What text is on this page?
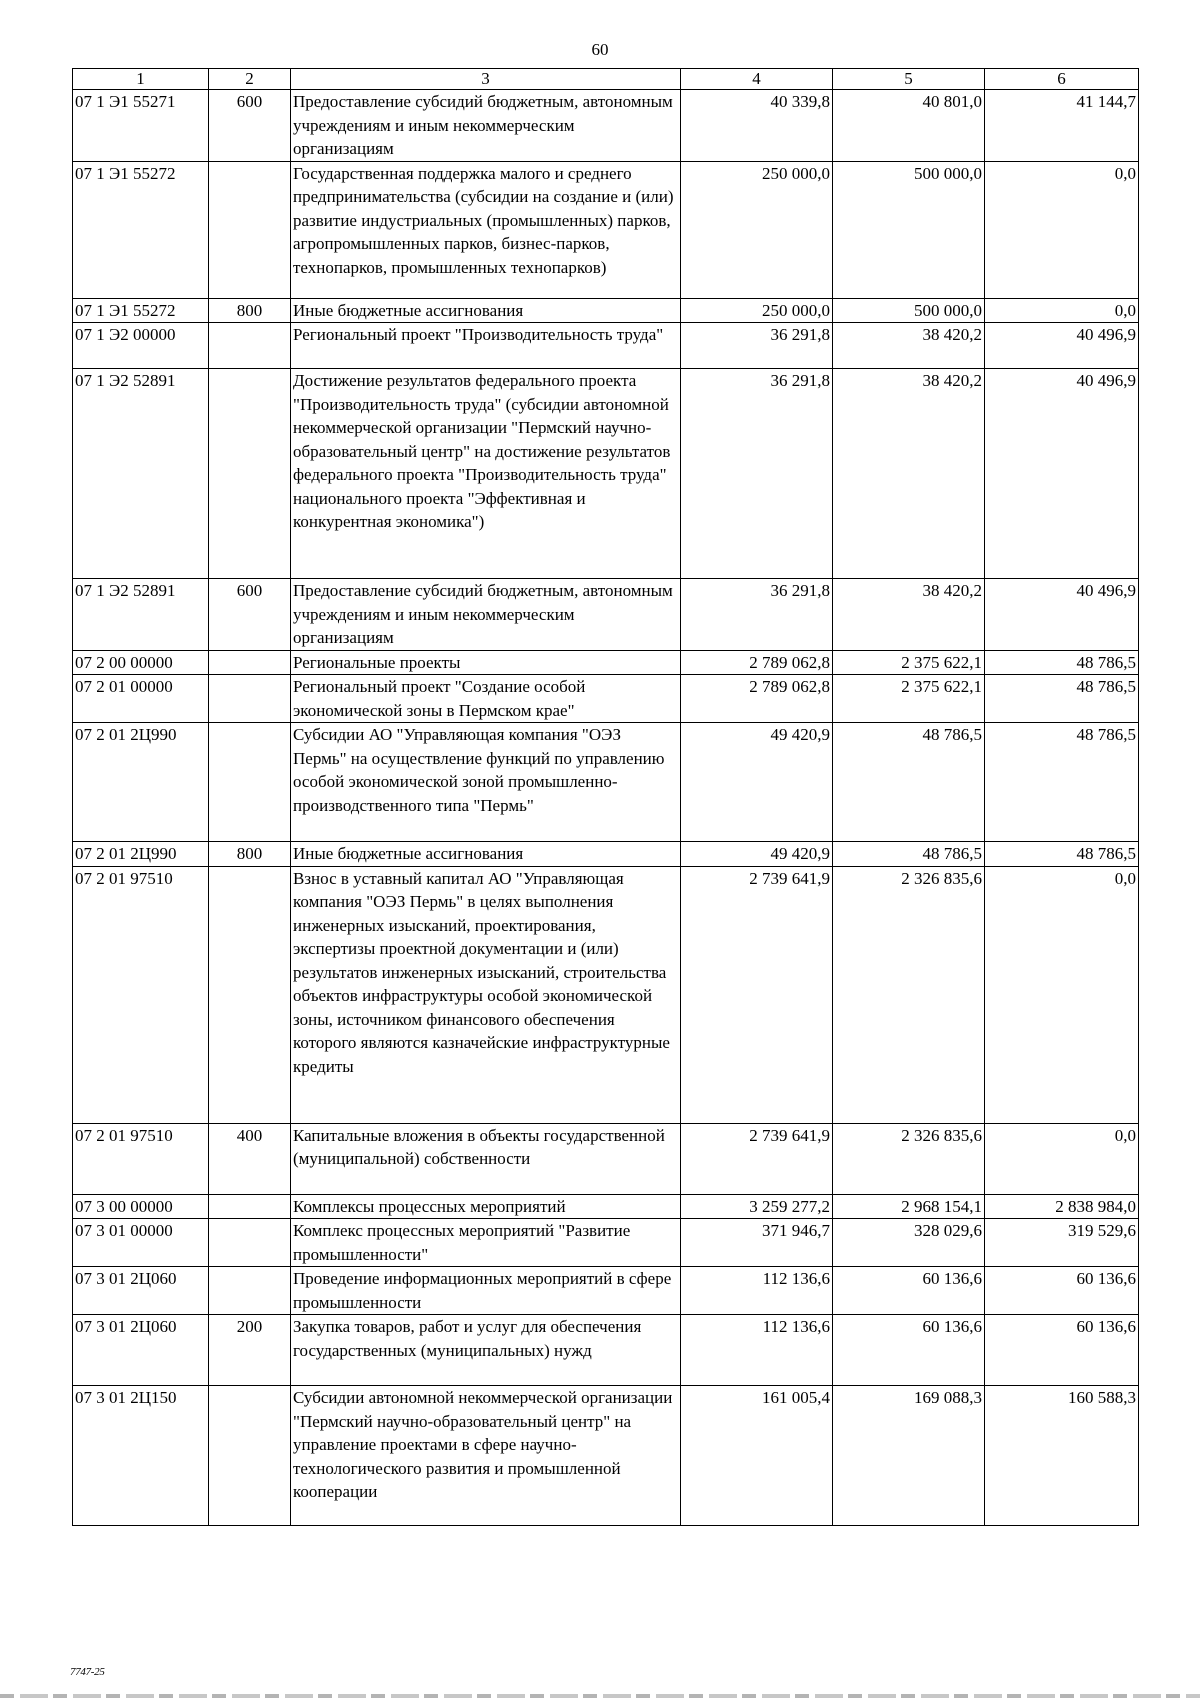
60
1	2	3	4	5	6
07 1 Э1 55271	600	Предоставление субсидий бюджетным, автономным учреждениям и иным некоммерческим организациям	40 339,8	40 801,0	41 144,7
07 1 Э1 55272		Государственная поддержка малого и среднего предпринимательства (субсидии на создание и (или) развитие индустриальных (промышленных) парков, агропромышленных парков, бизнес-парков, технопарков, промышленных технопарков)	250 000,0	500 000,0	0,0
07 1 Э1 55272	800	Иные бюджетные ассигнования	250 000,0	500 000,0	0,0
07 1 Э2 00000		Региональный проект "Производительность труда"	36 291,8	38 420,2	40 496,9
07 1 Э2 52891		Достижение результатов федерального проекта "Производительность труда" (субсидии автономной некоммерческой организации "Пермский научно-образовательный центр" на достижение результатов федерального проекта "Производительность труда" национального проекта "Эффективная и конкурентная экономика")	36 291,8	38 420,2	40 496,9
07 1 Э2 52891	600	Предоставление субсидий бюджетным, автономным учреждениям и иным некоммерческим организациям	36 291,8	38 420,2	40 496,9
07 2 00 00000		Региональные проекты	2 789 062,8	2 375 622,1	48 786,5
07 2 01 00000		Региональный проект "Создание особой экономической зоны в Пермском крае"	2 789 062,8	2 375 622,1	48 786,5
07 2 01 2Ц990		Субсидии АО "Управляющая компания "ОЭЗ Пермь" на осуществление функций по управлению особой экономической зоной промышленно-производственного типа "Пермь"	49 420,9	48 786,5	48 786,5
07 2 01 2Ц990	800	Иные бюджетные ассигнования	49 420,9	48 786,5	48 786,5
07 2 01 97510		Взнос в уставный капитал АО "Управляющая компания "ОЭЗ Пермь" в целях выполнения инженерных изысканий, проектирования, экспертизы проектной документации и (или) результатов инженерных изысканий, строительства объектов инфраструктуры особой экономической зоны, источником финансового обеспечения которого являются казначейские инфраструктурные кредиты	2 739 641,9	2 326 835,6	0,0
07 2 01 97510	400	Капитальные вложения в объекты государственной (муниципальной) собственности	2 739 641,9	2 326 835,6	0,0
07 3 00 00000		Комплексы процессных мероприятий	3 259 277,2	2 968 154,1	2 838 984,0
07 3 01 00000		Комплекс процессных мероприятий "Развитие промышленности"	371 946,7	328 029,6	319 529,6
07 3 01 2Ц060		Проведение информационных мероприятий в сфере промышленности	112 136,6	60 136,6	60 136,6
07 3 01 2Ц060	200	Закупка товаров, работ и услуг для обеспечения государственных (муниципальных) нужд	112 136,6	60 136,6	60 136,6
07 3 01 2Ц150		Субсидии автономной некоммерческой организации "Пермский научно-образовательный центр" на управление проектами в сфере научно-технологического развития и промышленной кооперации	161 005,4	169 088,3	160 588,3
7747-25
